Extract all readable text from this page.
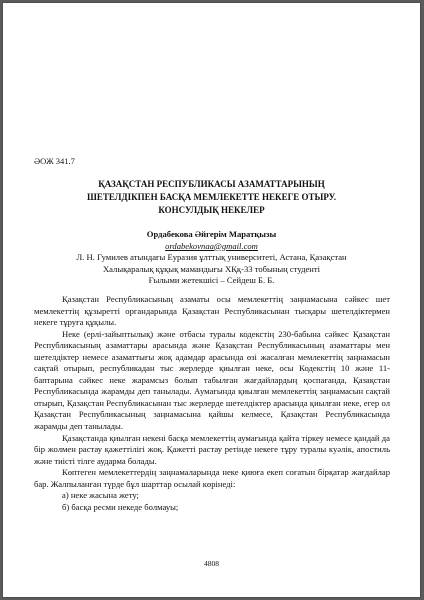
ӘОЖ 341.7
ҚАЗАҚСТАН РЕСПУБЛИКАСЫ АЗАМАТТАРЫНЫҢ
ШЕТЕЛДІКПЕН БАСҚА МЕМЛЕКЕТТЕ НЕКЕГЕ ОТЫРУ.
КОНСУЛДЫҚ НЕКЕЛЕР
Ордабекова Әйгерім Маратқызы
ordabekovnaa@gmail.com
Л. Н. Гумилев атындағы Еуразия ұлттық университеті, Астана, Қазақстан
Халықаралық құқық мамандығы ХҚқ-33 тобының студенті
Ғылыми жетекшісі – Сейдеш Б. Б.

Қазақстан Республикасының азаматы осы мемлекеттің заңнамасына сәйкес шет мемлекеттің құзыретті органдарында Қазақстан Республикасынан тысқары шетелдіктермен некеге тұруға құқылы.

Неке (ерлі-зайыптылық) және отбасы туралы кодекстің 230-бабына сәйкес Қазақстан Республикасының азаматтары арасында және Қазақстан Республикасының азаматтары мен шетелдіктер немесе азаматтығы жоқ адамдар арасында өзі жасалған мемлекеттің заңнамасын сақтай отырып, республикадан тыс жерлерде қиылған неке, осы Кодекстің 10 және 11-баптарына сәйкес неке жарамсыз болып табылған жағдайлардың қоспағанда, Қазақстан Республикасында жарамды деп танылады. Аумағында қиылған мемлекеттің заңнамасын сақтай отырып, Қазақстан Республикасынан тыс жерлерде шетелдіктер арасында қиылған неке, егер ол Қазақстан Республикасының заңнамасына қайшы келмесе, Қазақстан Республикасында жарамды деп танылады.

Қазақстанда қиылған некені басқа мемлекеттің аумағында қайта тіркеу немесе қандай да бір жолмен растау қажеттілігі жоқ. Қажетті растау ретінде некеге тұру туралы куәлік, апостиль және тиісті тілге аударма болады.

Көптеген мемлекеттердің заңнамаларында неке қиюға екеп соғатын бірқатар жағдайлар бар. Жалпыланған түрде бұл шарттар осылай көрінеді:

а) неке жасына жету;
б) басқа ресми некеде болмауы;
4808
